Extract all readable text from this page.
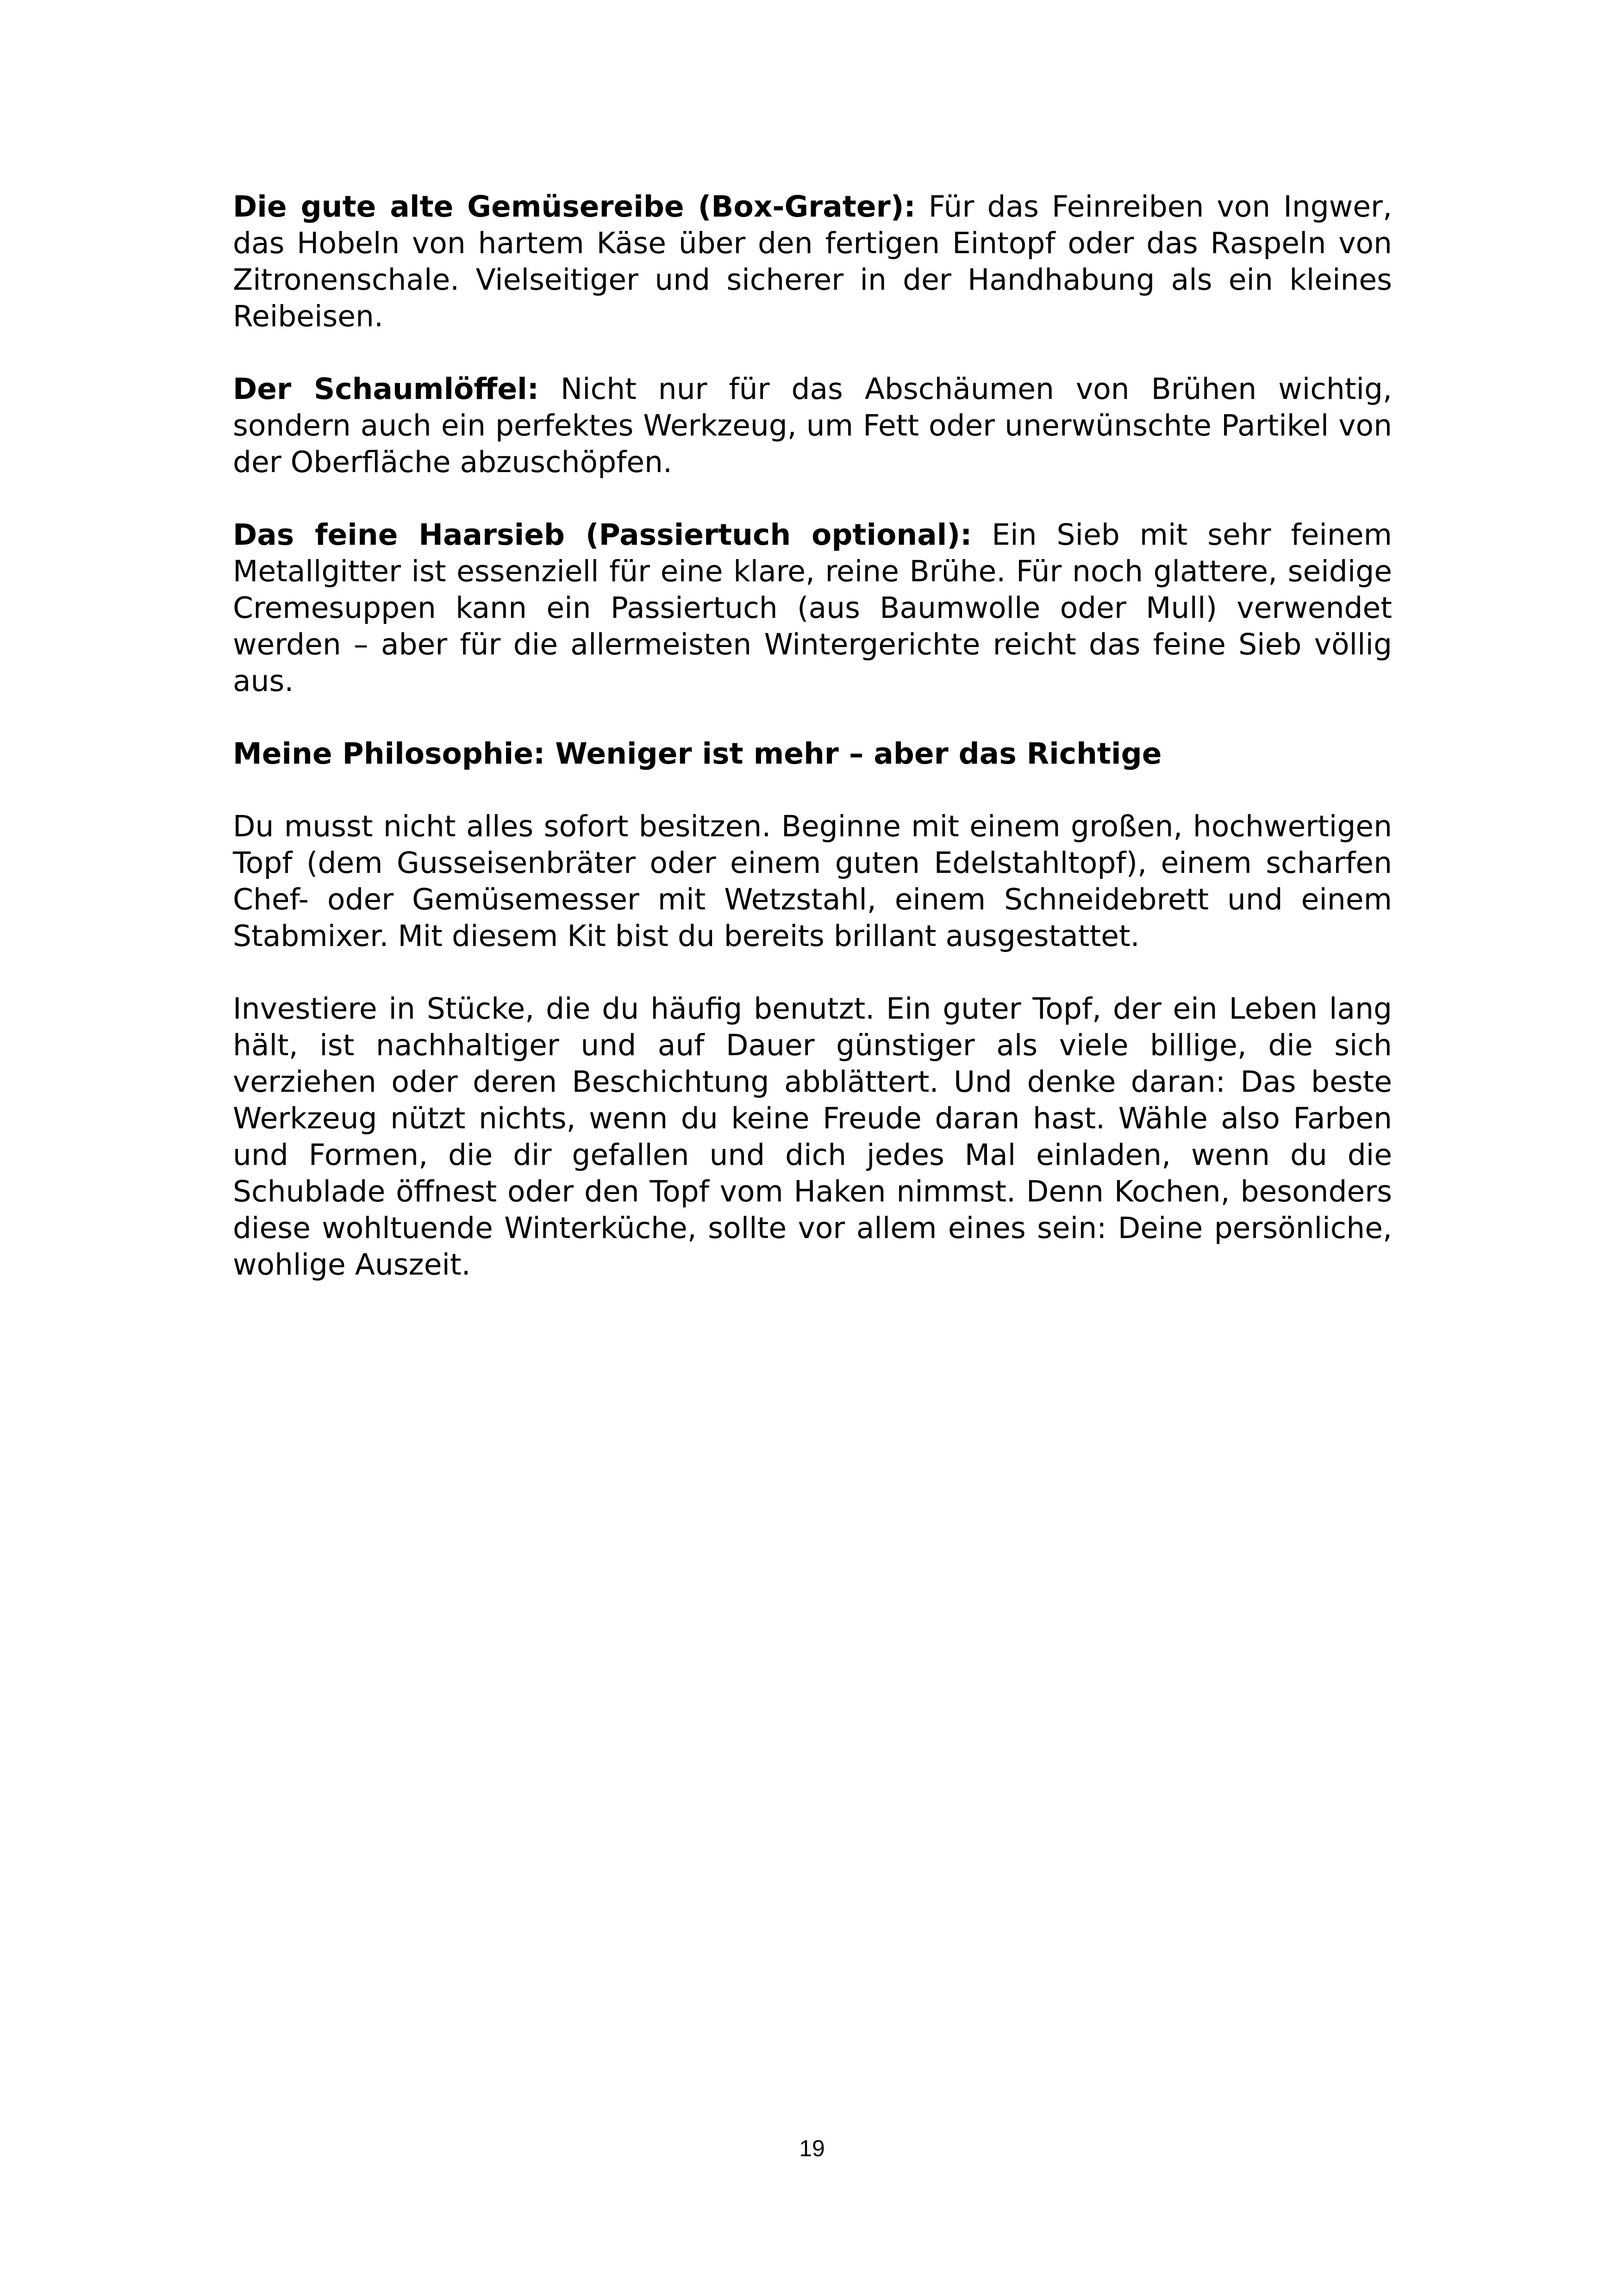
Die gute alte Gemüsereibe (Box-Grater): Für das Feinreiben von Ingwer, das Hobeln von hartem Käse über den fertigen Eintopf oder das Raspeln von Zitronenschale. Vielseitiger und sicherer in der Handhabung als ein kleines Reibeisen.

Der Schaumlöffel: Nicht nur für das Abschäumen von Brühen wichtig, sondern auch ein perfektes Werkzeug, um Fett oder unerwünschte Partikel von der Oberfläche abzuschöpfen.

Das feine Haarsieb (Passiertuch optional): Ein Sieb mit sehr feinem Metallgitter ist essenziell für eine klare, reine Brühe. Für noch glattere, seidige Cremesuppen kann ein Passiertuch (aus Baumwolle oder Mull) verwendet werden – aber für die allermeisten Wintergerichte reicht das feine Sieb völlig aus.

Meine Philosophie: Weniger ist mehr – aber das Richtige

Du musst nicht alles sofort besitzen. Beginne mit einem großen, hochwertigen Topf (dem Gusseisenbräter oder einem guten Edelstahltopf), einem scharfen Chef- oder Gemüsemesser mit Wetzstahl, einem Schneidebrett und einem Stabmixer. Mit diesem Kit bist du bereits brillant ausgestattet.

Investiere in Stücke, die du häufig benutzt. Ein guter Topf, der ein Leben lang hält, ist nachhaltiger und auf Dauer günstiger als viele billige, die sich verziehen oder deren Beschichtung abblättert. Und denke daran: Das beste Werkzeug nützt nichts, wenn du keine Freude daran hast. Wähle also Farben und Formen, die dir gefallen und dich jedes Mal einladen, wenn du die Schublade öffnest oder den Topf vom Haken nimmst. Denn Kochen, besonders diese wohltuende Winterküche, sollte vor allem eines sein: Deine persönliche, wohlige Auszeit.

19
